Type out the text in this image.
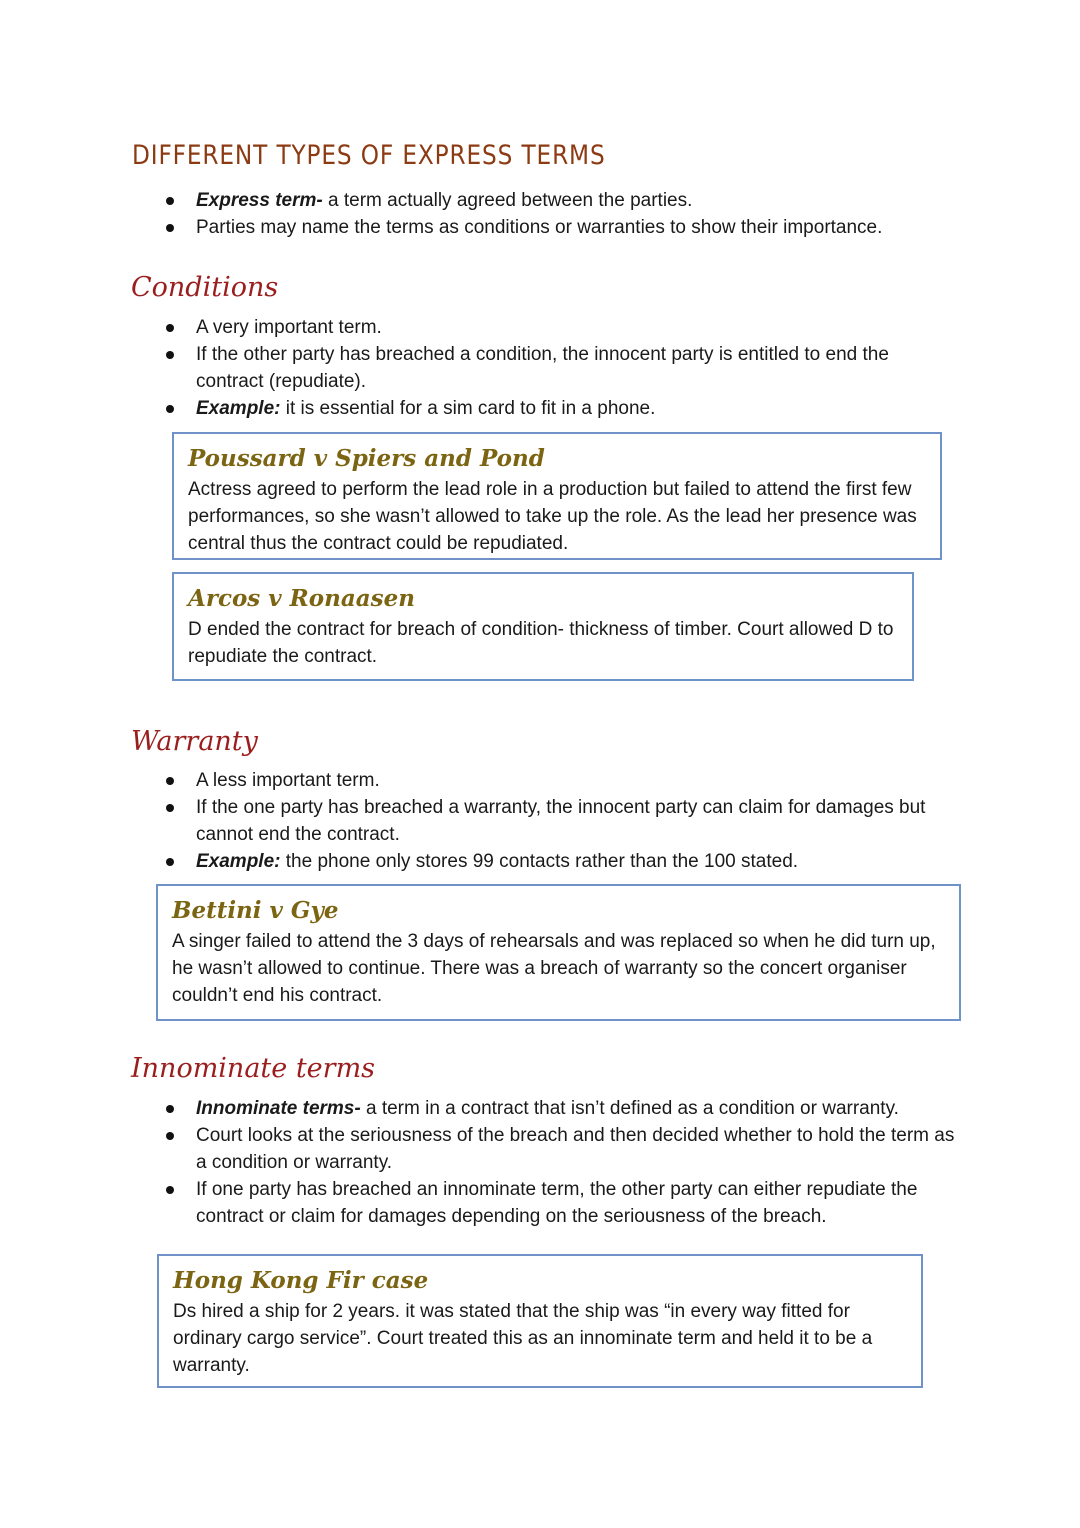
DIFFERENT TYPES OF EXPRESS TERMS
Express term- a term actually agreed between the parties.
Parties may name the terms as conditions or warranties to show their importance.
Conditions
A very important term.
If the other party has breached a condition, the innocent party is entitled to end the contract (repudiate).
Example: it is essential for a sim card to fit in a phone.

Poussard v Spiers and Pond

Actress agreed to perform the lead role in a production but failed to attend the first few performances, so she wasn’t allowed to take up the role. As the lead her presence was central thus the contract could be repudiated.

Arcos v Ronaasen

D ended the contract for breach of condition- thickness of timber. Court allowed D to repudiate the contract.

Warranty
A less important term.
If the one party has breached a warranty, the innocent party can claim for damages but cannot end the contract.
Example: the phone only stores 99 contacts rather than the 100 stated.

Bettini v Gye

A singer failed to attend the 3 days of rehearsals and was replaced so when he did turn up, he wasn’t allowed to continue. There was a breach of warranty so the concert organiser couldn’t end his contract.

Innominate terms
Innominate terms- a term in a contract that isn’t defined as a condition or warranty.
Court looks at the seriousness of the breach and then decided whether to hold the term as a condition or warranty.
If one party has breached an innominate term, the other party can either repudiate the contract or claim for damages depending on the seriousness of the breach.

Hong Kong Fir case

Ds hired a ship for 2 years. it was stated that the ship was “in every way fitted for ordinary cargo service”. Court treated this as an innominate term and held it to be a warranty.
